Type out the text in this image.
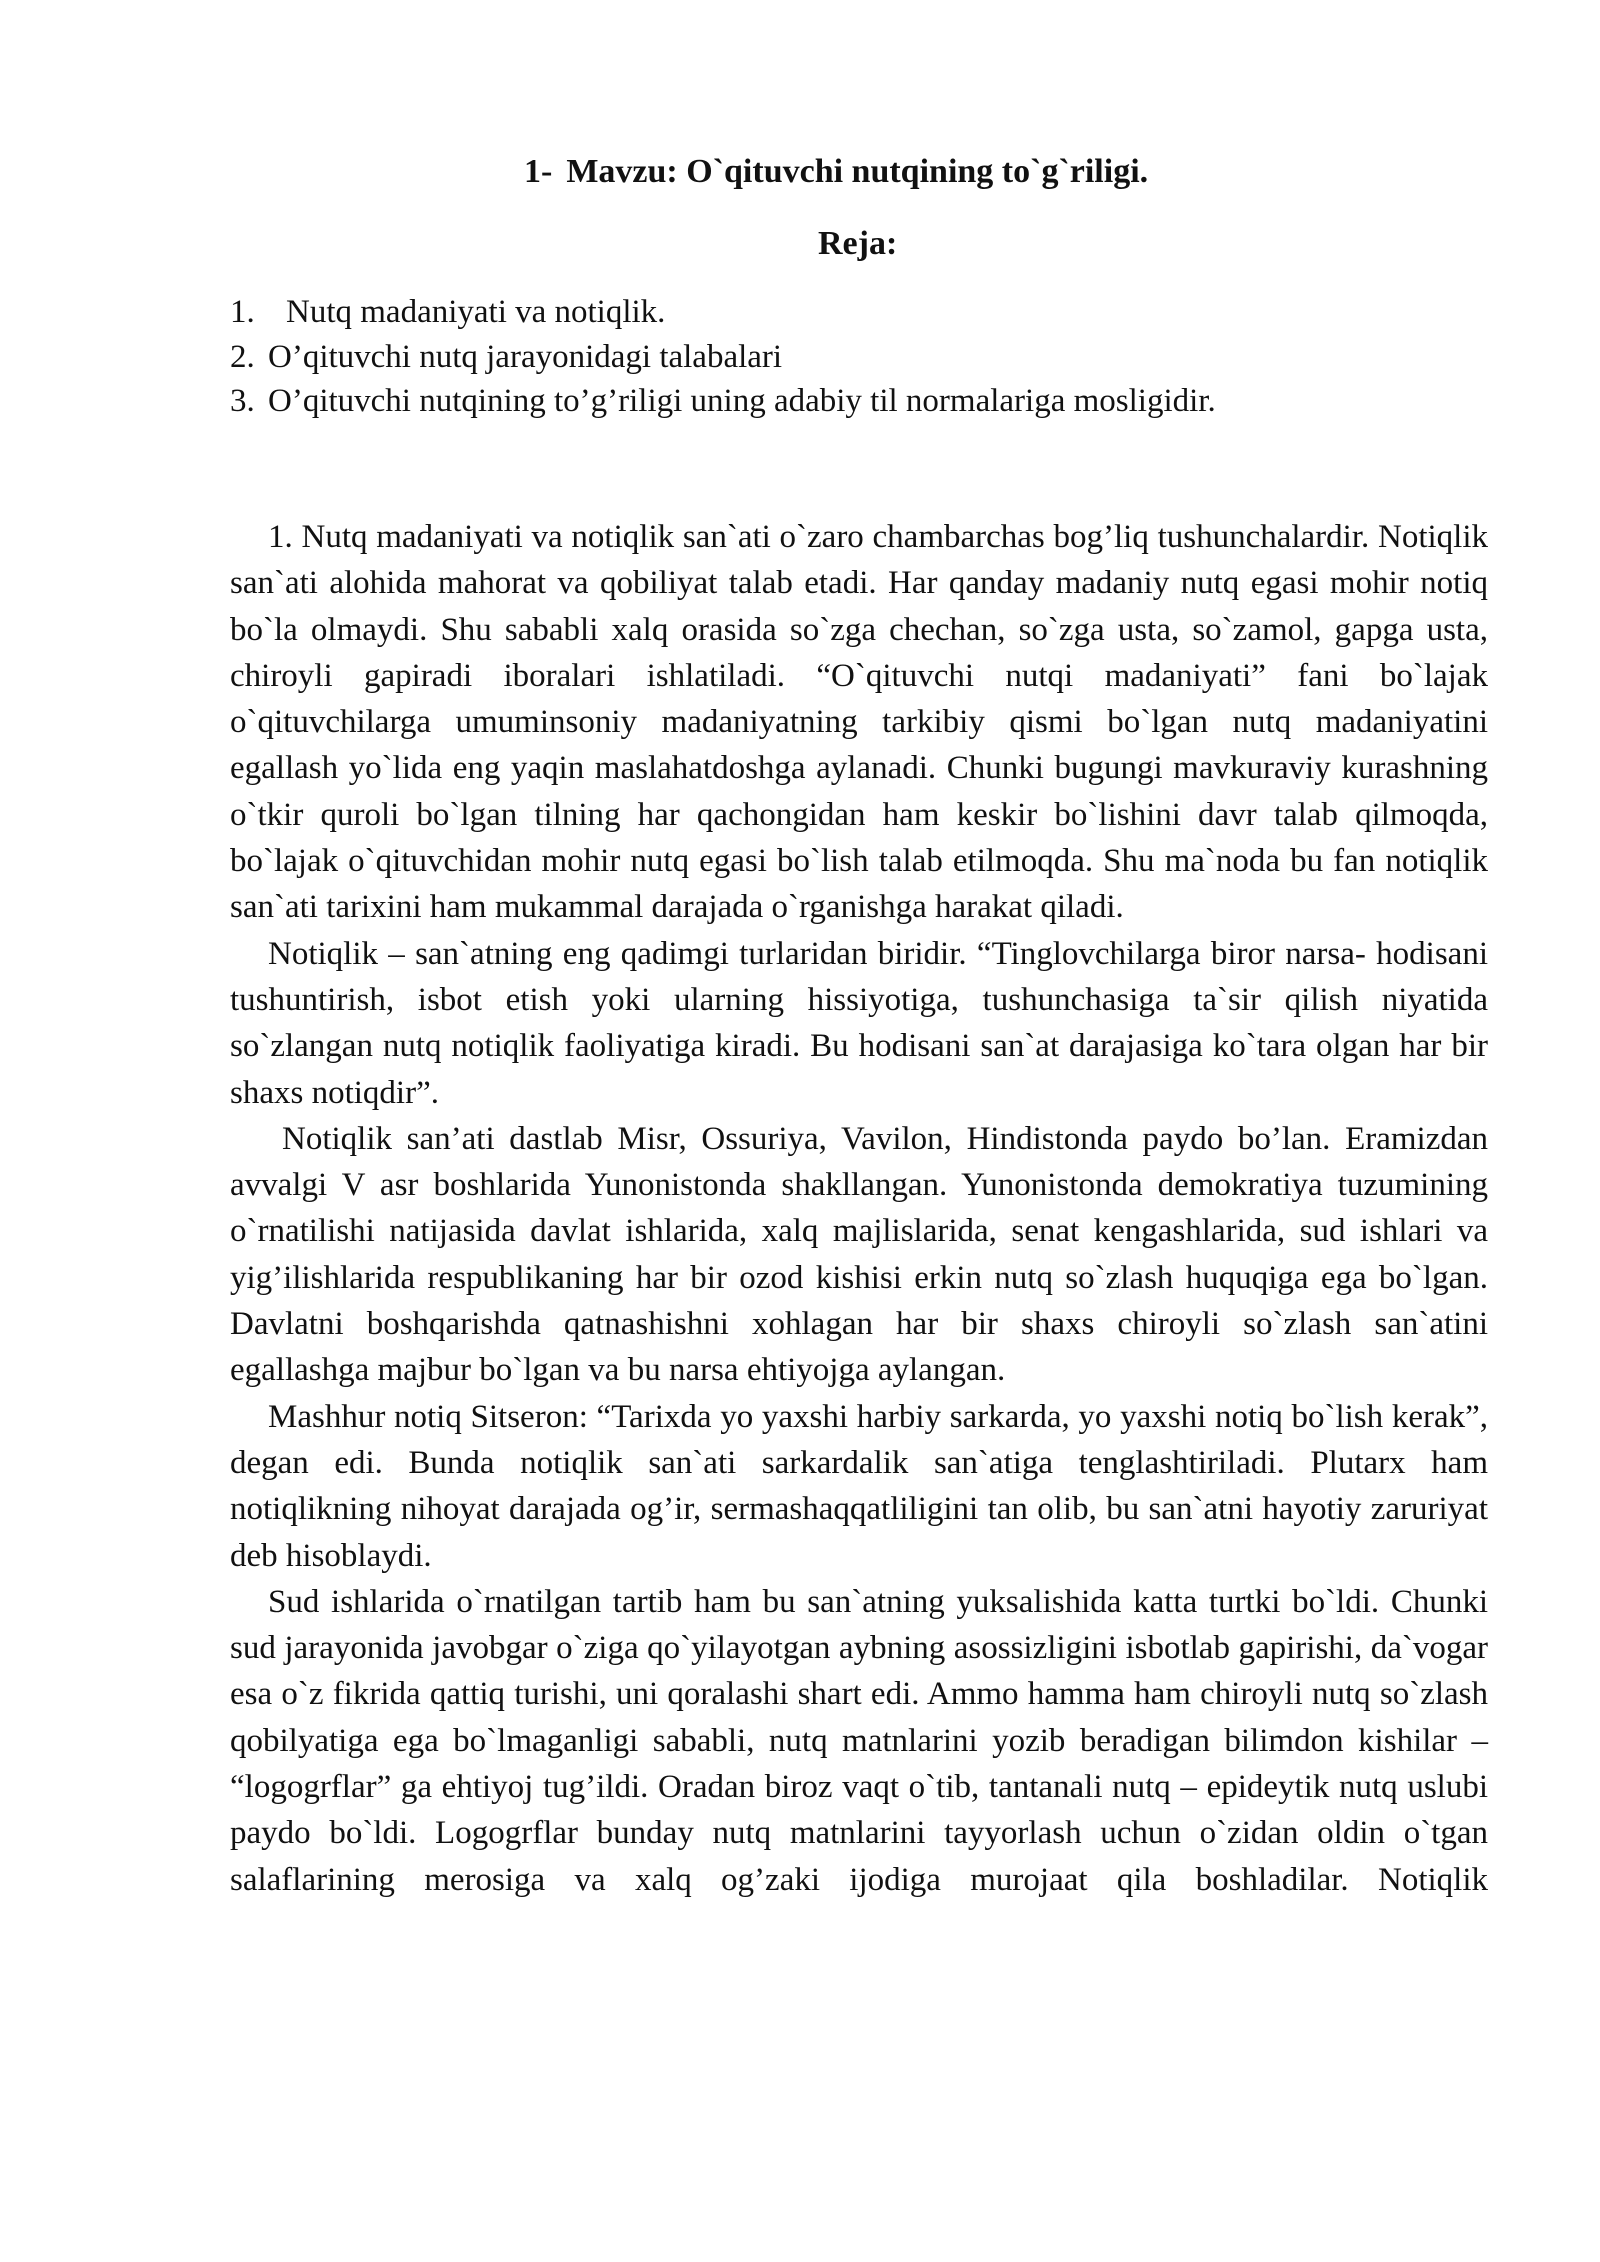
1- Mavzu: O`qituvchi nutqining to`g`riligi.
Reja:
1. Nutq madaniyati va notiqlik.
2. O’qituvchi nutq jarayonidagi talabalari
3. O’qituvchi nutqining to’g’riligi uning adabiy til normalariga mosligidir.

1. Nutq madaniyati va notiqlik san`ati o`zaro chambarchas bog’liq tushunchalardir. Notiqlik san`ati alohida mahorat va qobiliyat talab etadi. Har qanday madaniy nutq egasi mohir notiq bo`la olmaydi. Shu sababli xalq orasida so`zga chechan, so`zga usta, so`zamol, gapga usta, chiroyli gapiradi iboralari ishlatiladi. “O`qituvchi nutqi madaniyati” fani bo`lajak o`qituvchilarga umuminsoniy madaniyatning tarkibiy qismi bo`lgan nutq madaniyatini egallash yo`lida eng yaqin maslahatdoshga aylanadi. Chunki bugungi mavkuraviy kurashning o`tkir quroli bo`lgan tilning har qachongidan ham keskir bo`lishini davr talab qilmoqda, bo`lajak o`qituvchidan mohir nutq egasi bo`lish talab etilmoqda. Shu ma`noda bu fan notiqlik san`ati tarixini ham mukammal darajada o`rganishga harakat qiladi.

Notiqlik – san`atning eng qadimgi turlaridan biridir. “Tinglovchilarga biror narsa- hodisani tushuntirish, isbot etish yoki ularning hissiyotiga, tushunchasiga ta`sir qilish niyatida so`zlangan nutq notiqlik faoliyatiga kiradi. Bu hodisani san`at darajasiga ko`tara olgan har bir shaxs notiqdir”.

Notiqlik san’ati dastlab Misr, Ossuriya, Vavilon, Hindistonda paydo bo’lan. Eramizdan avvalgi V asr boshlarida Yunonistonda shakllangan. Yunonistonda demokratiya tuzumining o`rnatilishi natijasida davlat ishlarida, xalq majlislarida, senat kengashlarida, sud ishlari va yig’ilishlarida respublikaning har bir ozod kishisi erkin nutq so`zlash huquqiga ega bo`lgan. Davlatni boshqarishda qatnashishni xohlagan har bir shaxs chiroyli so`zlash san`atini egallashga majbur bo`lgan va bu narsa ehtiyojga aylangan.

Mashhur notiq Sitseron: “Tarixda yo yaxshi harbiy sarkarda, yo yaxshi notiq bo`lish kerak”, degan edi. Bunda notiqlik san`ati sarkardalik san`atiga tenglashtiriladi. Plutarx ham notiqlikning nihoyat darajada og’ir, sermashaqqatliligini tan olib, bu san`atni hayotiy zaruriyat deb hisoblaydi.

Sud ishlarida o`rnatilgan tartib ham bu san`atning yuksalishida katta turtki bo`ldi. Chunki sud jarayonida javobgar o`ziga qo`yilayotgan aybning asossizligini isbotlab gapirishi, da`vogar esa o`z fikrida qattiq turishi, uni qoralashi shart edi. Ammo hamma ham chiroyli nutq so`zlash qobilyatiga ega bo`lmaganligi sababli, nutq matnlarini yozib beradigan bilimdon kishilar – “logogrflar” ga ehtiyoj tug’ildi. Oradan biroz vaqt o`tib, tantanali nutq – epideytik nutq uslubi paydo bo`ldi. Logogrflar bunday nutq matnlarini tayyorlash uchun o`zidan oldin o`tgan salaflarining merosiga va xalq og’zaki ijodiga murojaat qila boshladilar. Notiqlik
